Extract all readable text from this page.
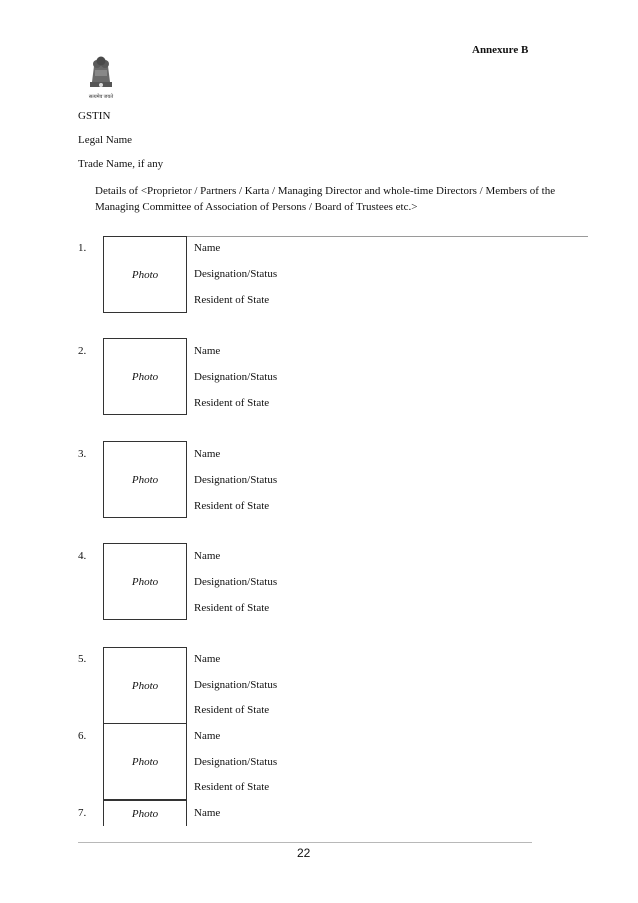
Annexure B
सत्यमेव जयते
GSTIN
Legal Name
Trade Name, if any
Details of <Proprietor / Partners / Karta / Managing Director and whole-time Directors / Members of the Managing Committee of Association of Persons / Board of Trustees etc.>
1.
Photo
Name
Designation/Status
Resident of State
2.
Photo
Name
Designation/Status
Resident of State
3.
Photo
Name
Designation/Status
Resident of State
4.
Photo
Name
Designation/Status
Resident of State
5.
Photo
Name
Designation/Status
Resident of State
6.
Photo
Name
Designation/Status
Resident of State
7.	Photo	Name
22
